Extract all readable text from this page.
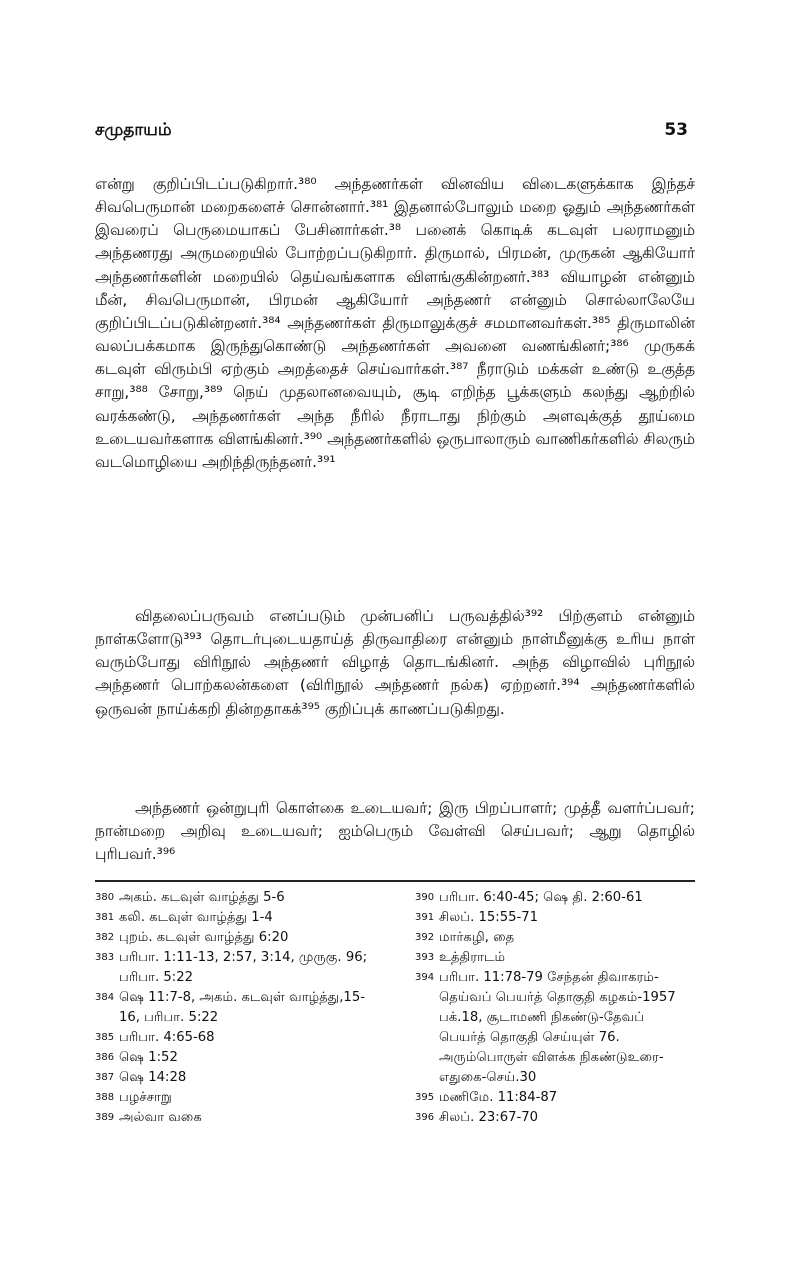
சமுதாயம்	53

என்று குறிப்பிடப்படுகிறார்.³⁸⁰ அந்தணர்கள் வினவிய விடைகளுக்காக இந்தச் சிவபெருமான் மறைகளைச் சொன்னார்.³⁸¹ இதனால்போலும் மறை ஓதும் அந்தணர்கள் இவரைப் பெருமையாகப் பேசினார்கள்.³⁸ பனைக் கொடிக் கடவுள் பலராமனும் அந்தணரது அருமறையில் போற்றப்படுகிறார். திருமால், பிரமன், முருகன் ஆகியோர் அந்தணர்களின் மறையில் தெய்வங்களாக விளங்குகின்றனர்.³⁸³ வியாழன் என்னும் மீன், சிவபெருமான், பிரமன் ஆகியோர் அந்தணர் என்னும் சொல்லாலேயே குறிப்பிடப்படுகின்றனர்.³⁸⁴ அந்தணர்கள் திருமாலுக்குச் சமமானவர்கள்.³⁸⁵ திருமாலின் வலப்பக்கமாக இருந்துகொண்டு அந்தணர்கள் அவனை வணங்கினர்;³⁸⁶ முருகக் கடவுள் விரும்பி ஏற்கும் அறத்தைச் செய்வார்கள்.³⁸⁷ நீராடும் மக்கள் உண்டு உகுத்த சாறு,³⁸⁸ சோறு,³⁸⁹ நெய் முதலானவையும், சூடி எறிந்த பூக்களும் கலந்து ஆற்றில் வரக்கண்டு, அந்தணர்கள் அந்த நீரில் நீராடாது நிற்கும் அளவுக்குத் தூய்மை உடையவர்களாக விளங்கினர்.³⁹⁰ அந்தணர்களில் ஒருபாலாரும் வாணிகர்களில் சிலரும் வடமொழியை அறிந்திருந்தனர்.³⁹¹

விதலைப்பருவம் எனப்படும் முன்பனிப் பருவத்தில்³⁹² பிற்குளம் என்னும் நாள்களோடு³⁹³ தொடர்புடையதாய்த் திருவாதிரை என்னும் நாள்மீனுக்கு உரிய நாள் வரும்போது விரிநூல் அந்தணர் விழாத் தொடங்கினர். அந்த விழாவில் புரிநூல் அந்தணர் பொற்கலன்களை (விரிநூல் அந்தணர் நல்க) ஏற்றனர்.³⁹⁴ அந்தணர்களில் ஒருவன் நாய்க்கறி தின்றதாகக்³⁹⁵ குறிப்புக் காணப்படுகிறது.

அந்தணர் ஒன்றுபுரி கொள்கை உடையவர்; இரு பிறப்பாளர்; முத்தீ வளர்ப்பவர்; நான்மறை அறிவு உடையவர்; ஐம்பெரும் வேள்வி செய்பவர்; ஆறு தொழில் புரிபவர்.³⁹⁶

380 அகம். கடவுள் வாழ்த்து 5-6
381 கலி. கடவுள் வாழ்த்து 1-4
382 புறம். கடவுள் வாழ்த்து 6:20
383 பரிபா. 1:11-13, 2:57, 3:14, முருகு. 96; பரிபா. 5:22
384 ஷெ 11:7-8, அகம். கடவுள் வாழ்த்து,15-16, பரிபா. 5:22
385 பரிபா. 4:65-68
386 ஷெ 1:52
387 ஷெ 14:28
388 பழச்சாறு
389 அல்வா வகை
390 பரிபா. 6:40-45; ஷெ தி. 2:60-61
391 சிலப். 15:55-71
392 மார்கழி, தை
393 உத்திராடம்
394 பரிபா. 11:78-79 சேந்தன் திவாகரம்-தெய்வப் பெயர்த் தொகுதி கழகம்-1957 பக்.18, சூடாமணி நிகண்டு-தேவப் பெயர்த் தொகுதி செய்யுள் 76. அரும்பொருள் விளக்க நிகண்டுஉரை-எதுகை-செய்.30
395 மணிமே. 11:84-87
396 சிலப். 23:67-70
